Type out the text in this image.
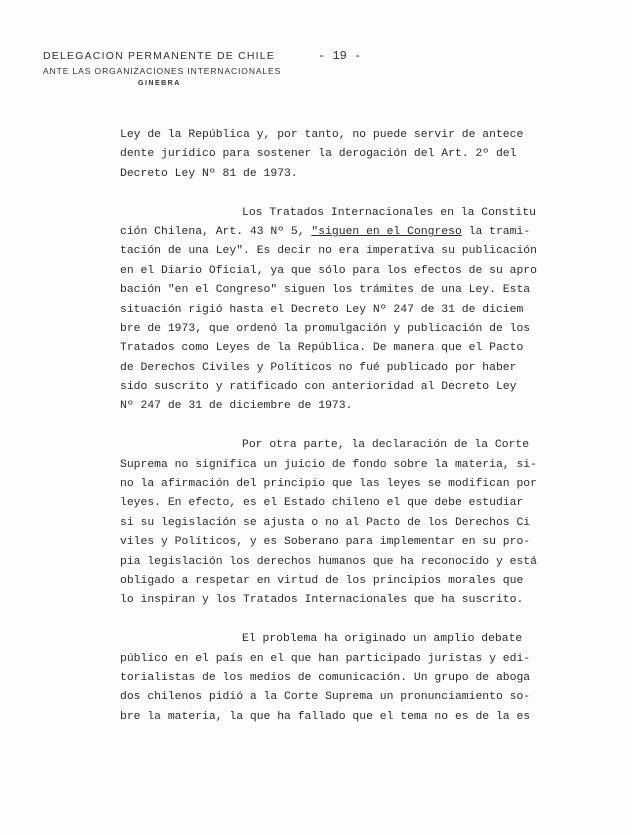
DELEGACION PERMANENTE DE CHILE
ANTE LAS ORGANIZACIONES INTERNACIONALES
GINEBRA
- 19 -
Ley de la República y, por tanto, no puede servir de antece
dente jurídico para sostener la derogación del Art. 2º del
Decreto Ley Nº 81 de 1973.
Los Tratados Internacionales en la Constitu
ción Chilena, Art. 43 Nº 5, "siguen en el Congreso la trami-
tación de una Ley". Es decir no era imperativa su publicación
en el Diario Oficial, ya que sólo para los efectos de su apro
bación "en el Congreso" siguen los trámites de una Ley. Esta
situación rigió hasta el Decreto Ley Nº 247 de 31 de diciem
bre de 1973, que ordenó la promulgación y publicación de los
Tratados como Leyes de la República. De manera que el Pacto
de Derechos Civiles y Políticos no fué publicado por haber
sido suscrito y ratificado con anterioridad al Decreto Ley
Nº 247 de 31 de diciembre de 1973.
Por otra parte, la declaración de la Corte
Suprema no significa un juicio de fondo sobre la materia, si-
no la afirmación del principio que las leyes se modifican por
leyes. En efecto, es el Estado chileno el que debe estudiar
si su legislación se ajusta o no al Pacto de los Derechos Ci
viles y Políticos, y es Soberano para implementar en su pro-
pia legislación los derechos humanos que ha reconocido y está
obligado a respetar en virtud de los principios morales que
lo inspiran y los Tratados Internacionales que ha suscrito.
El problema ha originado un amplio debate
público en el país en el que han participado juristas y edi-
torialistas de los medios de comunicación. Un grupo de aboga
dos chilenos pidió a la Corte Suprema un pronunciamiento so-
bre la materia, la que ha fallado que el tema no es de la es
